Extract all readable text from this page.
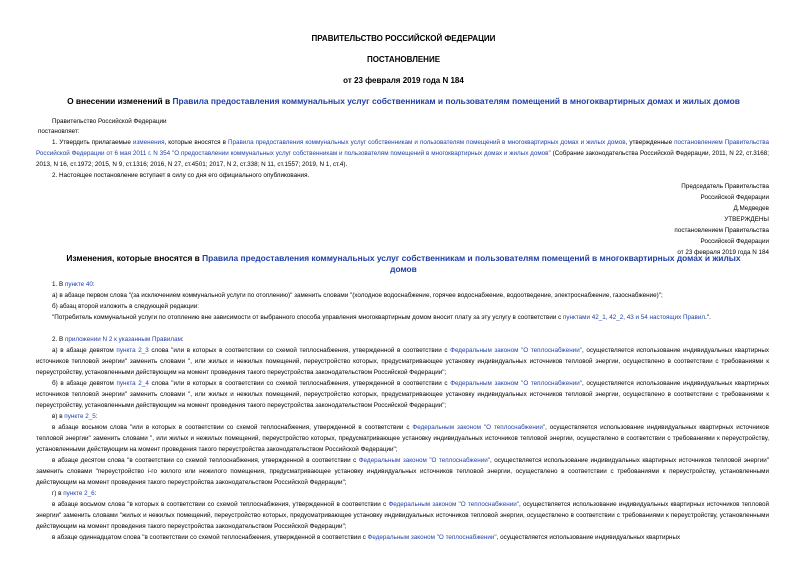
ПРАВИТЕЛЬСТВО РОССИЙСКОЙ ФЕДЕРАЦИИ
ПОСТАНОВЛЕНИЕ
от 23 февраля 2019 года N 184
О внесении изменений в Правила предоставления коммунальных услуг собственникам и пользователям помещений в многоквартирных домах и жилых домов
Правительство Российской Федерации
постановляет:
1. Утвердить прилагаемые изменения, которые вносятся в Правила предоставления коммунальных услуг собственникам и пользователям помещений в многоквартирных домах и жилых домов, утвержденные постановлением Правительства Российской Федерации от 6 мая 2011 г. N 354 "О предоставлении коммунальных услуг собственникам и пользователям помещений в многоквартирных домах и жилых домов" (Собрание законодательства Российской Федерации, 2011, N 22, ст.3168; 2013, N 16, ст.1972; 2015, N 9, ст.1316; 2016, N 27, ст.4501; 2017, N 2, ст.338; N 11, ст.1557; 2019, N 1, ст.4).
2. Настоящее постановление вступает в силу со дня его официального опубликования.
Председатель Правительства
Российской Федерации
Д.Медведев
УТВЕРЖДЕНЫ
постановлением Правительства
Российской Федерации
от 23 февраля 2019 года N 184
Изменения, которые вносятся в Правила предоставления коммунальных услуг собственникам и пользователям помещений в многоквартирных домах и жилых домов
1. В пункте 40:
а) в абзаце первом слова "(за исключением коммунальной услуги по отоплению)" заменить словами "(холодное водоснабжение, горячее водоснабжение, водоотведение, электроснабжение, газоснабжение)";
б) абзац второй изложить в следующей редакции:
"Потребитель коммунальной услуги по отоплению вне зависимости от выбранного способа управления многоквартирным домом вносит плату за эту услугу в соответствии с пунктами 42_1, 42_2, 43 и 54 настоящих Правил.".
2. В приложении N 2 к указанным Правилам:
а) в абзаце девятом пункта 2_3 слова "или в которых в соответствии со схемой теплоснабжения, утвержденной в соответствии с Федеральным законом "О теплоснабжении", осуществляется использование индивидуальных квартирных источников тепловой энергии" заменить словами ", или жилых и нежилых помещений, переустройство которых, предусматривающее установку индивидуальных источников тепловой энергии, осуществлено в соответствии с требованиями к переустройству, установленными действующим на момент проведения такого переустройства законодательством Российской Федерации";
б) в абзаце девятом пункта 2_4 слова "или в которых в соответствии со схемой теплоснабжения, утвержденной в соответствии с Федеральным законом "О теплоснабжении", осуществляется использование индивидуальных квартирных источников тепловой энергии" заменить словами ", или жилых и нежилых помещений, переустройство которых, предусматривающее установку индивидуальных источников тепловой энергии, осуществлено в соответствии с требованиями к переустройству, установленными действующим на момент проведения такого переустройства законодательством Российской Федерации";
в) в пункте 2_5:
в абзаце восьмом слова "или в которых в соответствии со схемой теплоснабжения, утвержденной в соответствии с Федеральным законом "О теплоснабжении", осуществляется использование индивидуальных квартирных источников тепловой энергии" заменить словами ", или жилых и нежилых помещений, переустройство которых, предусматривающее установку индивидуальных источников тепловой энергии, осуществлено в соответствии с требованиями к переустройству, установленными действующим на момент проведения такого переустройства законодательством Российской Федерации";
в абзаце десятом слова "в соответствии со схемой теплоснабжения, утвержденной в соответствии с Федеральным законом "О теплоснабжении", осуществляется использование индивидуальных квартирных источников тепловой энергии" заменить словами "переустройство i-го жилого или нежилого помещения, предусматривающее установку индивидуальных источников тепловой энергии, осуществлено в соответствии с требованиями к переустройству, установленными действующим на момент проведения такого переустройства законодательством Российской Федерации";
г) в пункте 2_6:
в абзаце восьмом слова "в которых в соответствии со схемой теплоснабжения, утвержденной в соответствии с Федеральным законом "О теплоснабжении", осуществляется использование индивидуальных квартирных источников тепловой энергии" заменить словами "жилых и нежилых помещений, переустройство которых, предусматривающее установку индивидуальных источников тепловой энергии, осуществлено в соответствии с требованиями к переустройству, установленными действующим на момент проведения такого переустройства законодательством Российской Федерации";
в абзаце одиннадцатом слова "в соответствии со схемой теплоснабжения, утвержденной в соответствии с Федеральным законом "О теплоснабжении", осуществляется использование индивидуальных квартирных
